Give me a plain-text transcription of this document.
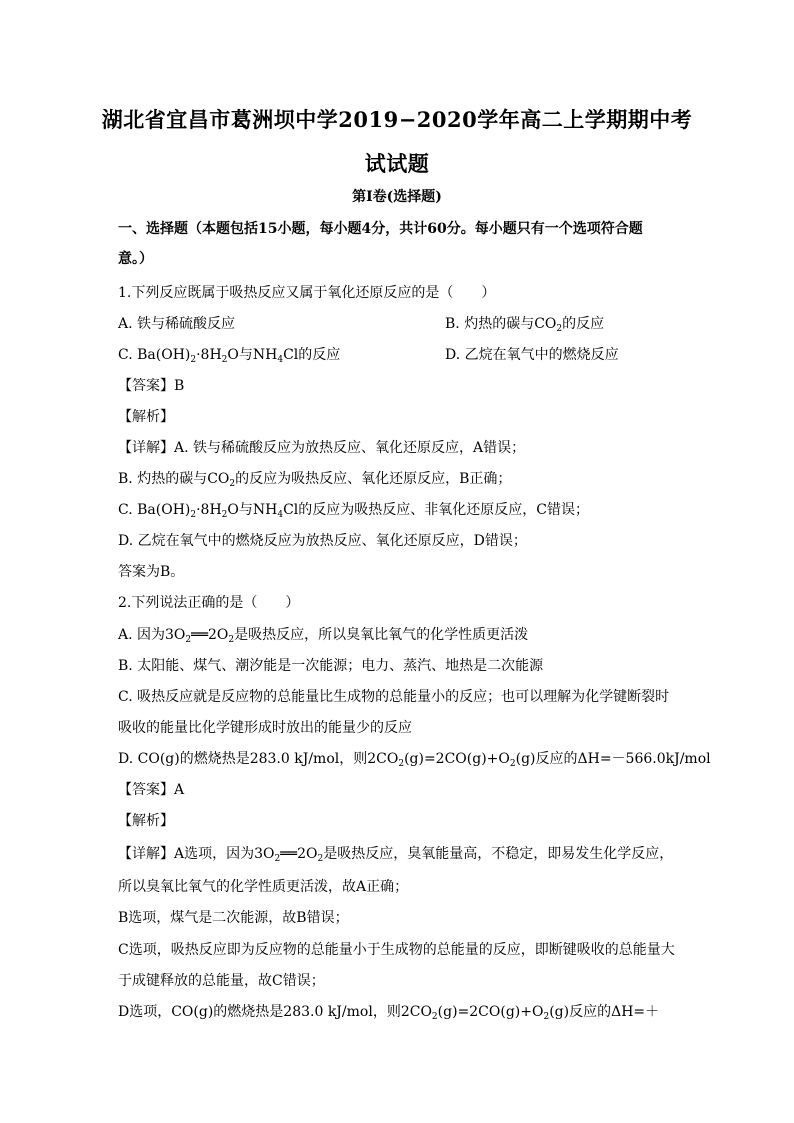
湖北省宜昌市葛洲坝中学2019−2020学年高二上学期期中考
试试题
第Ⅰ卷(选择题)
一、选择题（本题包括15小题，每小题4分，共计60分。每小题只有一个选项符合题
意。）
1.下列反应既属于吸热反应又属于氧化还原反应的是（　　）
A. 铁与稀硫酸反应	B. 灼热的碳与$CO_2$的反应
C. $Ba(OH)_2\cdot 8H_2O$与$NH_4Cl$的反应	D. 乙烷在氧气中的燃烧反应
【答案】B
【解析】
【详解】A. 铁与稀硫酸反应为放热反应、氧化还原反应，A错误；
B. 灼热的碳与$CO_2$的反应为吸热反应、氧化还原反应，B正确；
C. $Ba(OH)_2\cdot 8H_2O$与$NH_4Cl$的反应为吸热反应、非氧化还原反应，C错误；
D. 乙烷在氧气中的燃烧反应为放热反应、氧化还原反应，D错误；
答案为B。
2.下列说法正确的是（　　）
A. 因为$3O_2══2O_2$是吸热反应，所以臭氧比氧气的化学性质更活泼
B. 太阳能、煤气、潮汐能是一次能源；电力、蒸汽、地热是二次能源
C. 吸热反应就是反应物的总能量比生成物的总能量小的反应；也可以理解为化学键断裂时
吸收的能量比化学键形成时放出的能量少的反应
D. CO(g)的燃烧热是283.0 kJ/mol，则$2CO_2(g)=2CO(g)+O_2(g)$反应的ΔH=－566.0kJ/mol
【答案】A
【解析】
【详解】A选项，因为$3O_2══2O_2$是吸热反应，臭氧能量高，不稳定，即易发生化学反应，
所以臭氧比氧气的化学性质更活泼，故A正确；
B选项，煤气是二次能源，故B错误；
C选项，吸热反应即为反应物的总能量小于生成物的总能量的反应，即断键吸收的总能量大
于成键释放的总能量，故C错误；
D选项，CO(g)的燃烧热是283.0 kJ/mol，则$2CO_2(g)=2CO(g)+O_2(g)$反应的ΔH=＋
